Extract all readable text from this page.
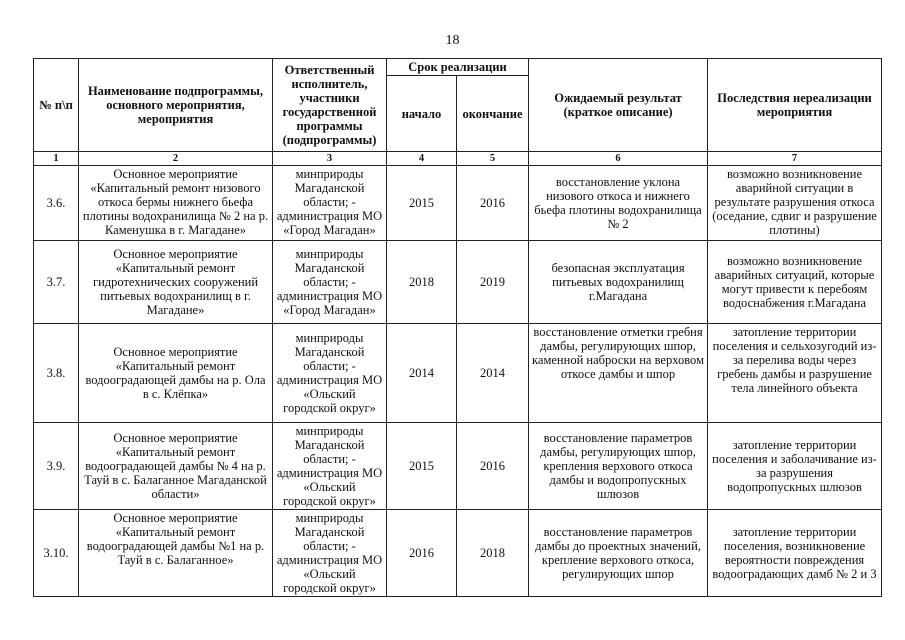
18
№ п\п	Наименование подпрограммы, основного мероприятия, мероприятия	Ответственный исполнитель, участники государственной программы (подпрограммы)	Срок реализации		Ожидаемый результат (краткое описание)	Последствия нереализации мероприятия
			начало	окончание		
1	2	3	4	5	6	7
3.6.	Основное мероприятие «Капитальный ремонт низового откоса бермы нижнего бьефа плотины водохранилища № 2 на р. Каменушка в г. Магадане»	минприроды Магаданской области; - администрация МО «Город Магадан»	2015	2016	восстановление уклона низового откоса и нижнего бьефа плотины водохранилища № 2	возможно возникновение аварийной ситуации в результате разрушения откоса (оседание, сдвиг и разрушение плотины)
3.7.	Основное мероприятие «Капитальный ремонт гидротехнических сооружений питьевых водохранилищ в г. Магадане»	минприроды Магаданской области; - администрация МО «Город Магадан»	2018	2019	безопасная эксплуатация питьевых водохранилищ г.Магадана	возможно возникновение аварийных ситуаций, которые могут привести к перебоям водоснабжения г.Магадана
3.8.	Основное мероприятие «Капитальный ремонт водооградающей дамбы на р. Ола в с. Клёпка»	минприроды Магаданской области; - администрация МО «Ольский городской округ»	2014	2014	восстановление отметки гребня дамбы, регулирующих шпор, каменной наброски на верховом откосе дамбы и шпор	затопление территории поселения и сельхозугодий из-за перелива воды через гребень дамбы и разрушение тела линейного объекта
3.9.	Основное мероприятие «Капитальный ремонт водооградающей дамбы № 4 на р. Тауй в с. Балаганное Магаданской области»	минприроды Магаданской области; - администрация МО «Ольский городской округ»	2015	2016	восстановление параметров дамбы, регулирующих шпор, крепления верхового откоса дамбы и водопропускных шлюзов	затопление территории поселения и заболачивание из-за разрушения водопропускных шлюзов
3.10.	Основное мероприятие «Капитальный ремонт водооградающей дамбы №1 на р. Тауй в с. Балаганное»	минприроды Магаданской области; - администрация МО «Ольский городской округ»	2016	2018	восстановление параметров дамбы до проектных значений, крепление верхового откоса, регулирующих шпор	затопление территории поселения, возникновение вероятности повреждения водооградающих дамб № 2 и 3
